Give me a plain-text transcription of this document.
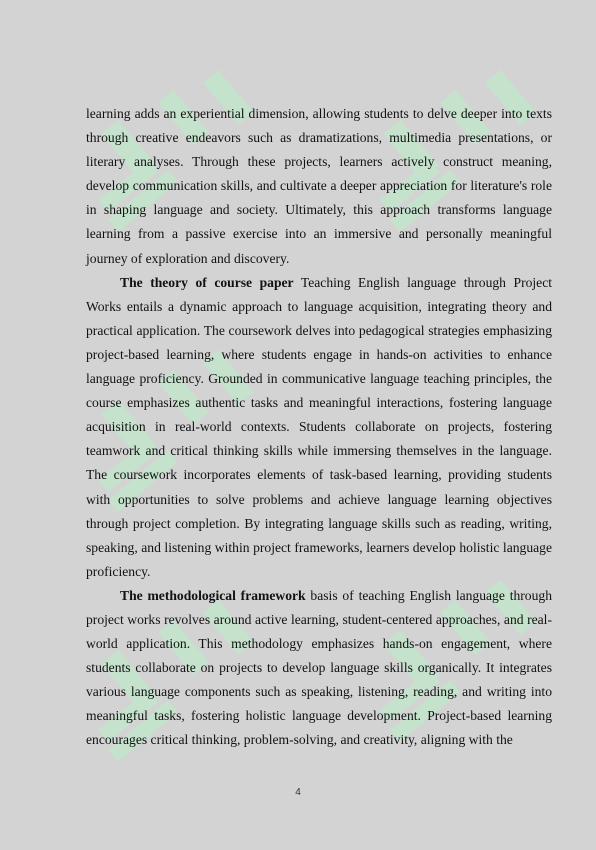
learning adds an experiential dimension, allowing students to delve deeper into texts through creative endeavors such as dramatizations, multimedia presentations, or literary analyses. Through these projects, learners actively construct meaning, develop communication skills, and cultivate a deeper appreciation for literature's role in shaping language and society. Ultimately, this approach transforms language learning from a passive exercise into an immersive and personally meaningful journey of exploration and discovery.

The theory of course paper Teaching English language through Project Works entails a dynamic approach to language acquisition, integrating theory and practical application. The coursework delves into pedagogical strategies emphasizing project-based learning, where students engage in hands-on activities to enhance language proficiency. Grounded in communicative language teaching principles, the course emphasizes authentic tasks and meaningful interactions, fostering language acquisition in real-world contexts. Students collaborate on projects, fostering teamwork and critical thinking skills while immersing themselves in the language. The coursework incorporates elements of task-based learning, providing students with opportunities to solve problems and achieve language learning objectives through project completion. By integrating language skills such as reading, writing, speaking, and listening within project frameworks, learners develop holistic language proficiency.

The methodological framework basis of teaching English language through project works revolves around active learning, student-centered approaches, and real-world application. This methodology emphasizes hands-on engagement, where students collaborate on projects to develop language skills organically. It integrates various language components such as speaking, listening, reading, and writing into meaningful tasks, fostering holistic language development. Project-based learning encourages critical thinking, problem-solving, and creativity, aligning with the

4
